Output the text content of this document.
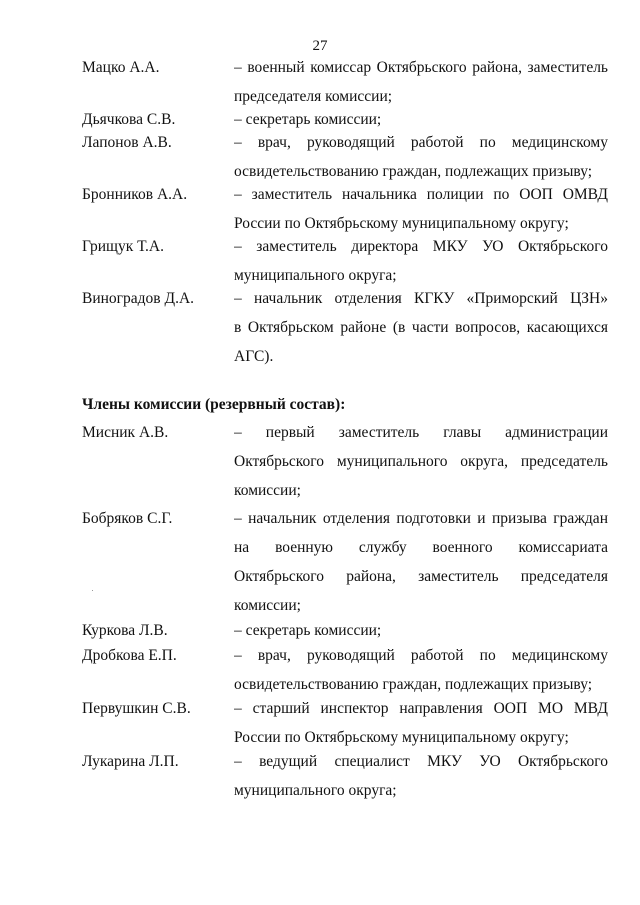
27
Мацко А.А.	– военный комиссар Октябрьского района, заместитель
председателя комиссии;
Дьячкова С.В.	– секретарь комиссии;
Лапонов А.В.	– врач, руководящий работой по медицинскому
освидетельствованию граждан, подлежащих призыву;
Бронников А.А.	– заместитель начальника полиции по ООП ОМВД
России по Октябрьскому муниципальному округу;
Грищук Т.А.	– заместитель директора МКУ УО Октябрьского
муниципального округа;
Виноградов Д.А.	– начальник отделения КГКУ «Приморский ЦЗН»
в Октябрьском районе (в части вопросов, касающихся
АГС).
Члены комиссии (резервный состав):
Мисник А.В.	– первый заместитель главы администрации
Октябрьского муниципального округа, председатель
комиссии;
Бобряков С.Г.	– начальник отделения подготовки и призыва граждан
на военную службу военного комиссариата
Октябрьского района, заместитель председателя
комиссии;
Куркова Л.В.	– секретарь комиссии;
Дробкова Е.П.	– врач, руководящий работой по медицинскому
освидетельствованию граждан, подлежащих призыву;
Первушкин С.В.	– старший инспектор направления ООП МО МВД
России по Октябрьскому муниципальному округу;
Лукарина Л.П.	– ведущий специалист МКУ УО Октябрьского
муниципального округа;
